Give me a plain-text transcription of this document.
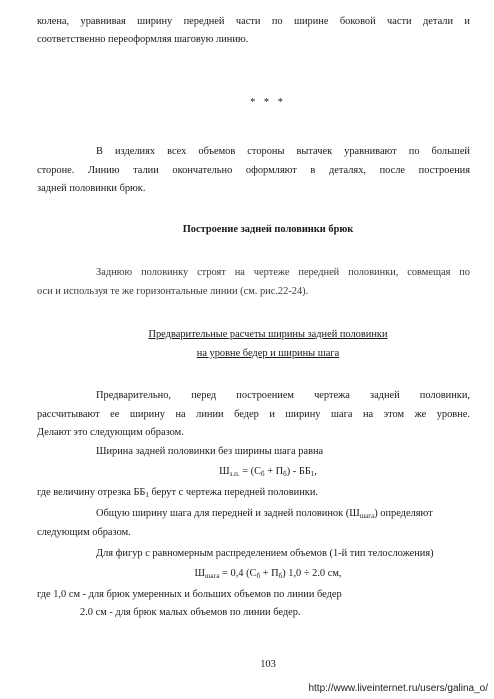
колена, уравнивая ширину передней части по ширине боковой части детали и
соответственно переоформляя шаговую линию.
* * *
В изделиях всех объемов стороны вытачек уравнивают по большей
стороне. Линию талии окончательно оформляют в деталях, после построения
задней половинки брюк.
Построение задней половинки брюк
Заднюю половинку строят на чертеже передней половинки, совмещая по
оси и используя те же горизонтальные линии (см. рис.22-24).
Предварительные расчеты ширины задней половинки
на уровне бедер и ширины шага
Предварительно, перед построением чертежа задней половинки,
рассчитывают ее ширину на линии бедер и ширину шага на этом же уровне.
Делают это следующим образом.
Ширина задней половинки без ширины шага равна
$Ш_{з.п.} = (С_б + П_б) - ББ_1$,
где величину отрезка $ББ_1$ берут с чертежа передней половинки.
Общую ширину шага для передней и задней половинок $(Ш_{шага})$ определяют
следующим образом.
Для фигур с равномерным распределением объемов (1-й тип телосложения)
$Ш_{шага} = 0,4$ $(С_б + П_б) 1,0 \div 2.0$ см,
где 1,0 см - для брюк умеренных и больших объемов по линии бедер
2.0 см - для брюк малых объемов по линии бедер.
103
http://www.liveinternet.ru/users/galina_o/
